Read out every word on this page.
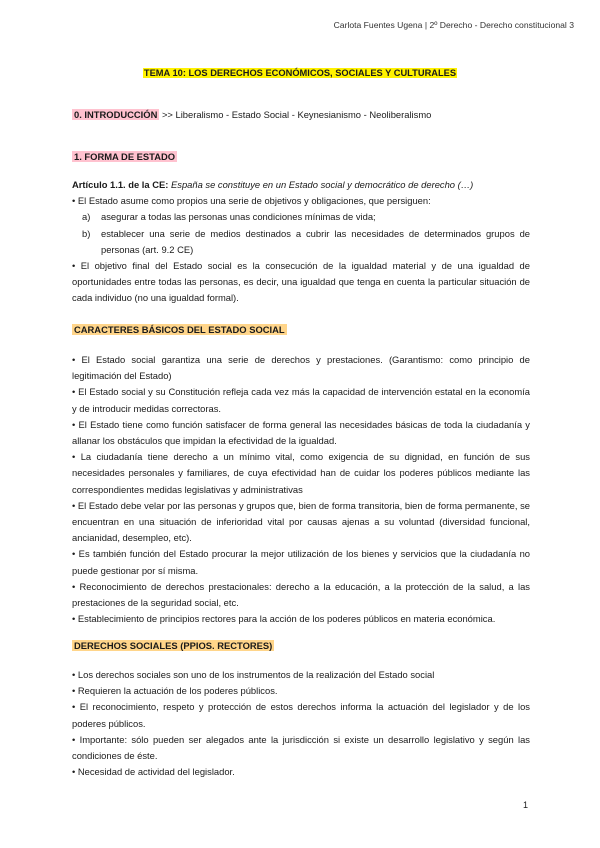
Carlota Fuentes Ugena | 2º Derecho - Derecho constitucional 3
TEMA 10: LOS DERECHOS ECONÓMICOS, SOCIALES Y CULTURALES
0. INTRODUCCIÓN >> Liberalismo - Estado Social - Keynesianismo - Neoliberalismo
1. FORMA DE ESTADO
Artículo 1.1. de la CE: España se constituye en un Estado social y democrático de derecho (…)

• El Estado asume como propios una serie de objetivos y obligaciones, que persiguen:

a)	asegurar a todas las personas unas condiciones mínimas de vida;
b)	establecer una serie de medios destinados a cubrir las necesidades de determinados grupos de personas (art. 9.2 CE)

• El objetivo final del Estado social es la consecución de la igualdad material y de una igualdad de oportunidades entre todas las personas, es decir, una igualdad que tenga en cuenta la particular situación de cada individuo (no una igualdad formal).

CARACTERES BÁSICOS DEL ESTADO SOCIAL

• El Estado social garantiza una serie de derechos y prestaciones. (Garantismo: como principio de legitimación del Estado)

• El Estado social y su Constitución refleja cada vez más la capacidad de intervención estatal en la economía y de introducir medidas correctoras.

• El Estado tiene como función satisfacer de forma general las necesidades básicas de toda la ciudadanía y allanar los obstáculos que impidan la efectividad de la igualdad.

• La ciudadanía tiene derecho a un mínimo vital, como exigencia de su dignidad, en función de sus necesidades personales y familiares, de cuya efectividad han de cuidar los poderes públicos mediante las correspondientes medidas legislativas y administrativas

• El Estado debe velar por las personas y grupos que, bien de forma transitoria, bien de forma permanente, se encuentran en una situación de inferioridad vital por causas ajenas a su voluntad (diversidad funcional, ancianidad, desempleo, etc).

• Es también función del Estado procurar la mejor utilización de los bienes y servicios que la ciudadanía no puede gestionar por sí misma.

• Reconocimiento de derechos prestacionales: derecho a la educación, a la protección de la salud, a las prestaciones de la seguridad social, etc.

• Establecimiento de principios rectores para la acción de los poderes públicos en materia económica.

DERECHOS SOCIALES (PPIOS. RECTORES)

• Los derechos sociales son uno de los instrumentos de la realización del Estado social

• Requieren la actuación de los poderes públicos.

• El reconocimiento, respeto y protección de estos derechos informa la actuación del legislador y de los poderes públicos.

• Importante: sólo pueden ser alegados ante la jurisdicción si existe un desarrollo legislativo y según las condiciones de éste.

• Necesidad de actividad del legislador.

1
